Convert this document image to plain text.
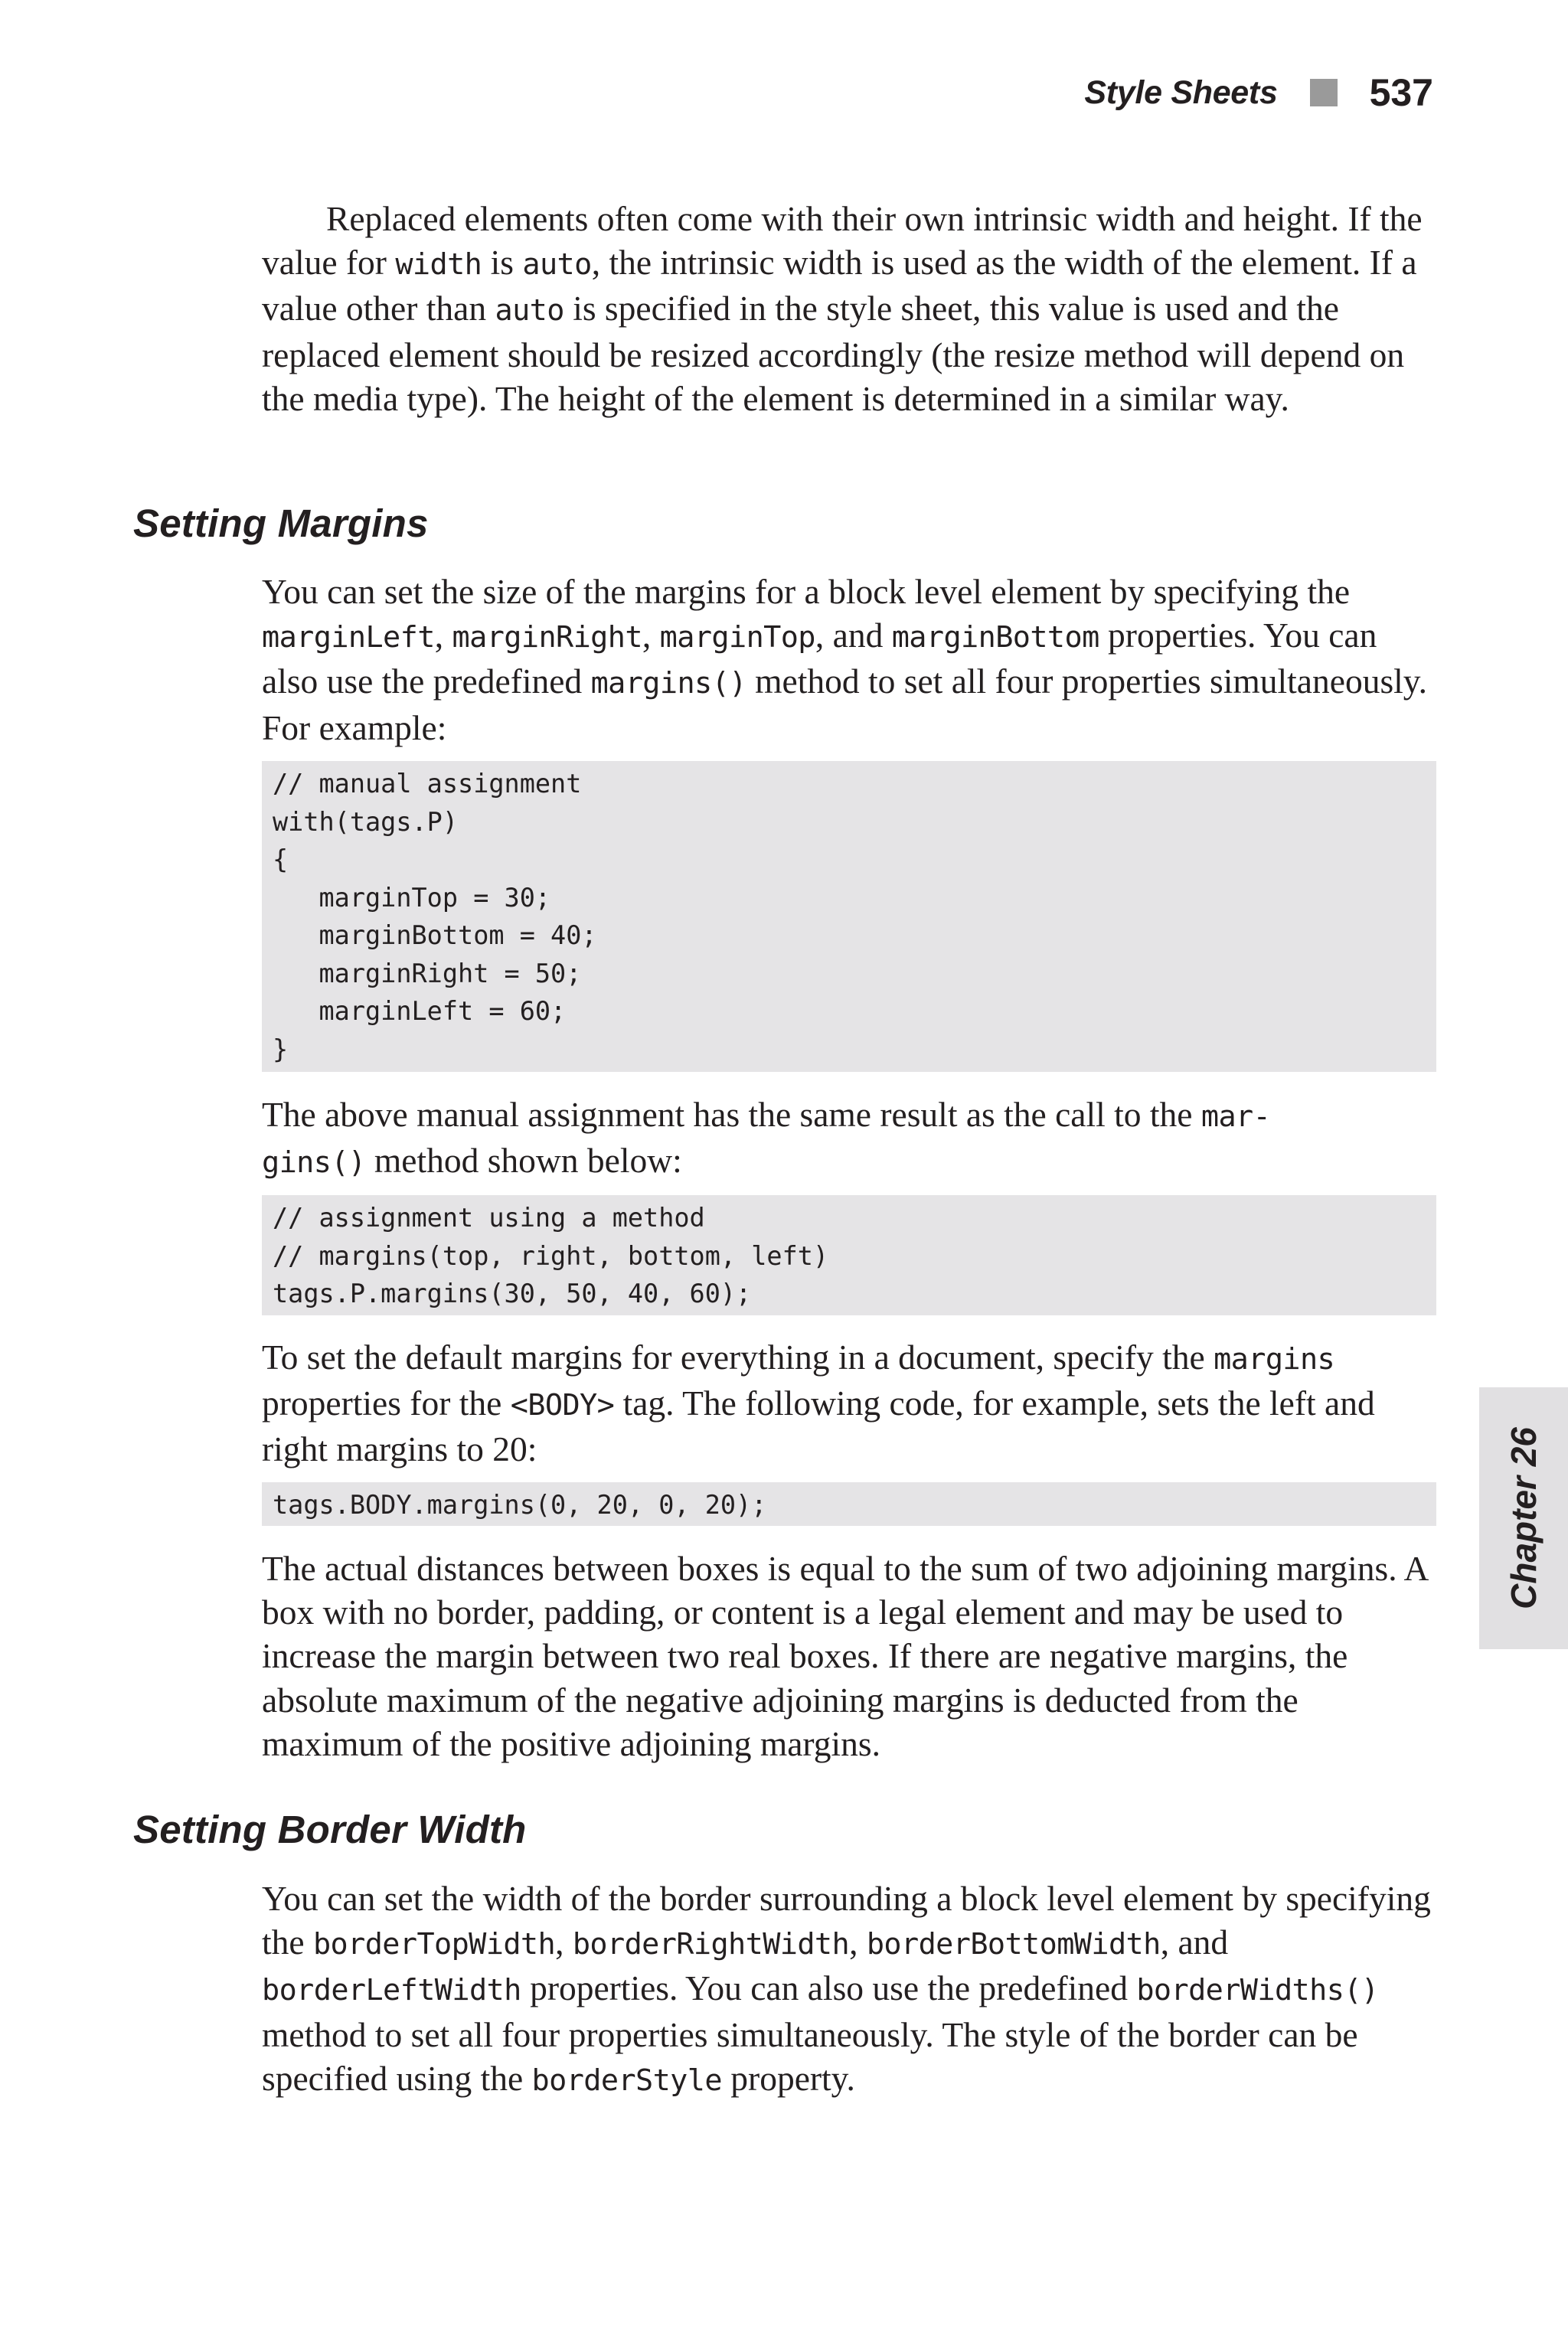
Style Sheets 537

Replaced elements often come with their own intrinsic width and height. If the value for width is auto, the intrinsic width is used as the width of the element. If a value other than auto is specified in the style sheet, this value is used and the replaced element should be resized accordingly (the resize method will depend on the media type). The height of the element is determined in a similar way.

Setting Margins

You can set the size of the margins for a block level element by specifying the marginLeft, marginRight, marginTop, and marginBottom properties. You can also use the predefined margins() method to set all four properties simultaneously. For example:

// manual assignment
with(tags.P)
{
marginTop = 30;
marginBottom = 40;
marginRight = 50;
marginLeft = 60;
}

The above manual assignment has the same result as the call to the mar-
gins() method shown below:

// assignment using a method
// margins(top, right, bottom, left)
tags.P.margins(30, 50, 40, 60);

To set the default margins for everything in a document, specify the margins properties for the <BODY> tag. The following code, for example, sets the left and right margins to 20:

tags.BODY.margins(0, 20, 0, 20);

The actual distances between boxes is equal to the sum of two adjoining margins. A box with no border, padding, or content is a legal element and may be used to increase the margin between two real boxes. If there are negative margins, the absolute maximum of the negative adjoining margins is deducted from the maximum of the positive adjoining margins.

Setting Border Width

You can set the width of the border surrounding a block level element by specifying the borderTopWidth, borderRightWidth, borderBottomWidth, and borderLeftWidth properties. You can also use the predefined borderWidths() method to set all four properties simultaneously. The style of the border can be specified using the borderStyle property.

Chapter 26
